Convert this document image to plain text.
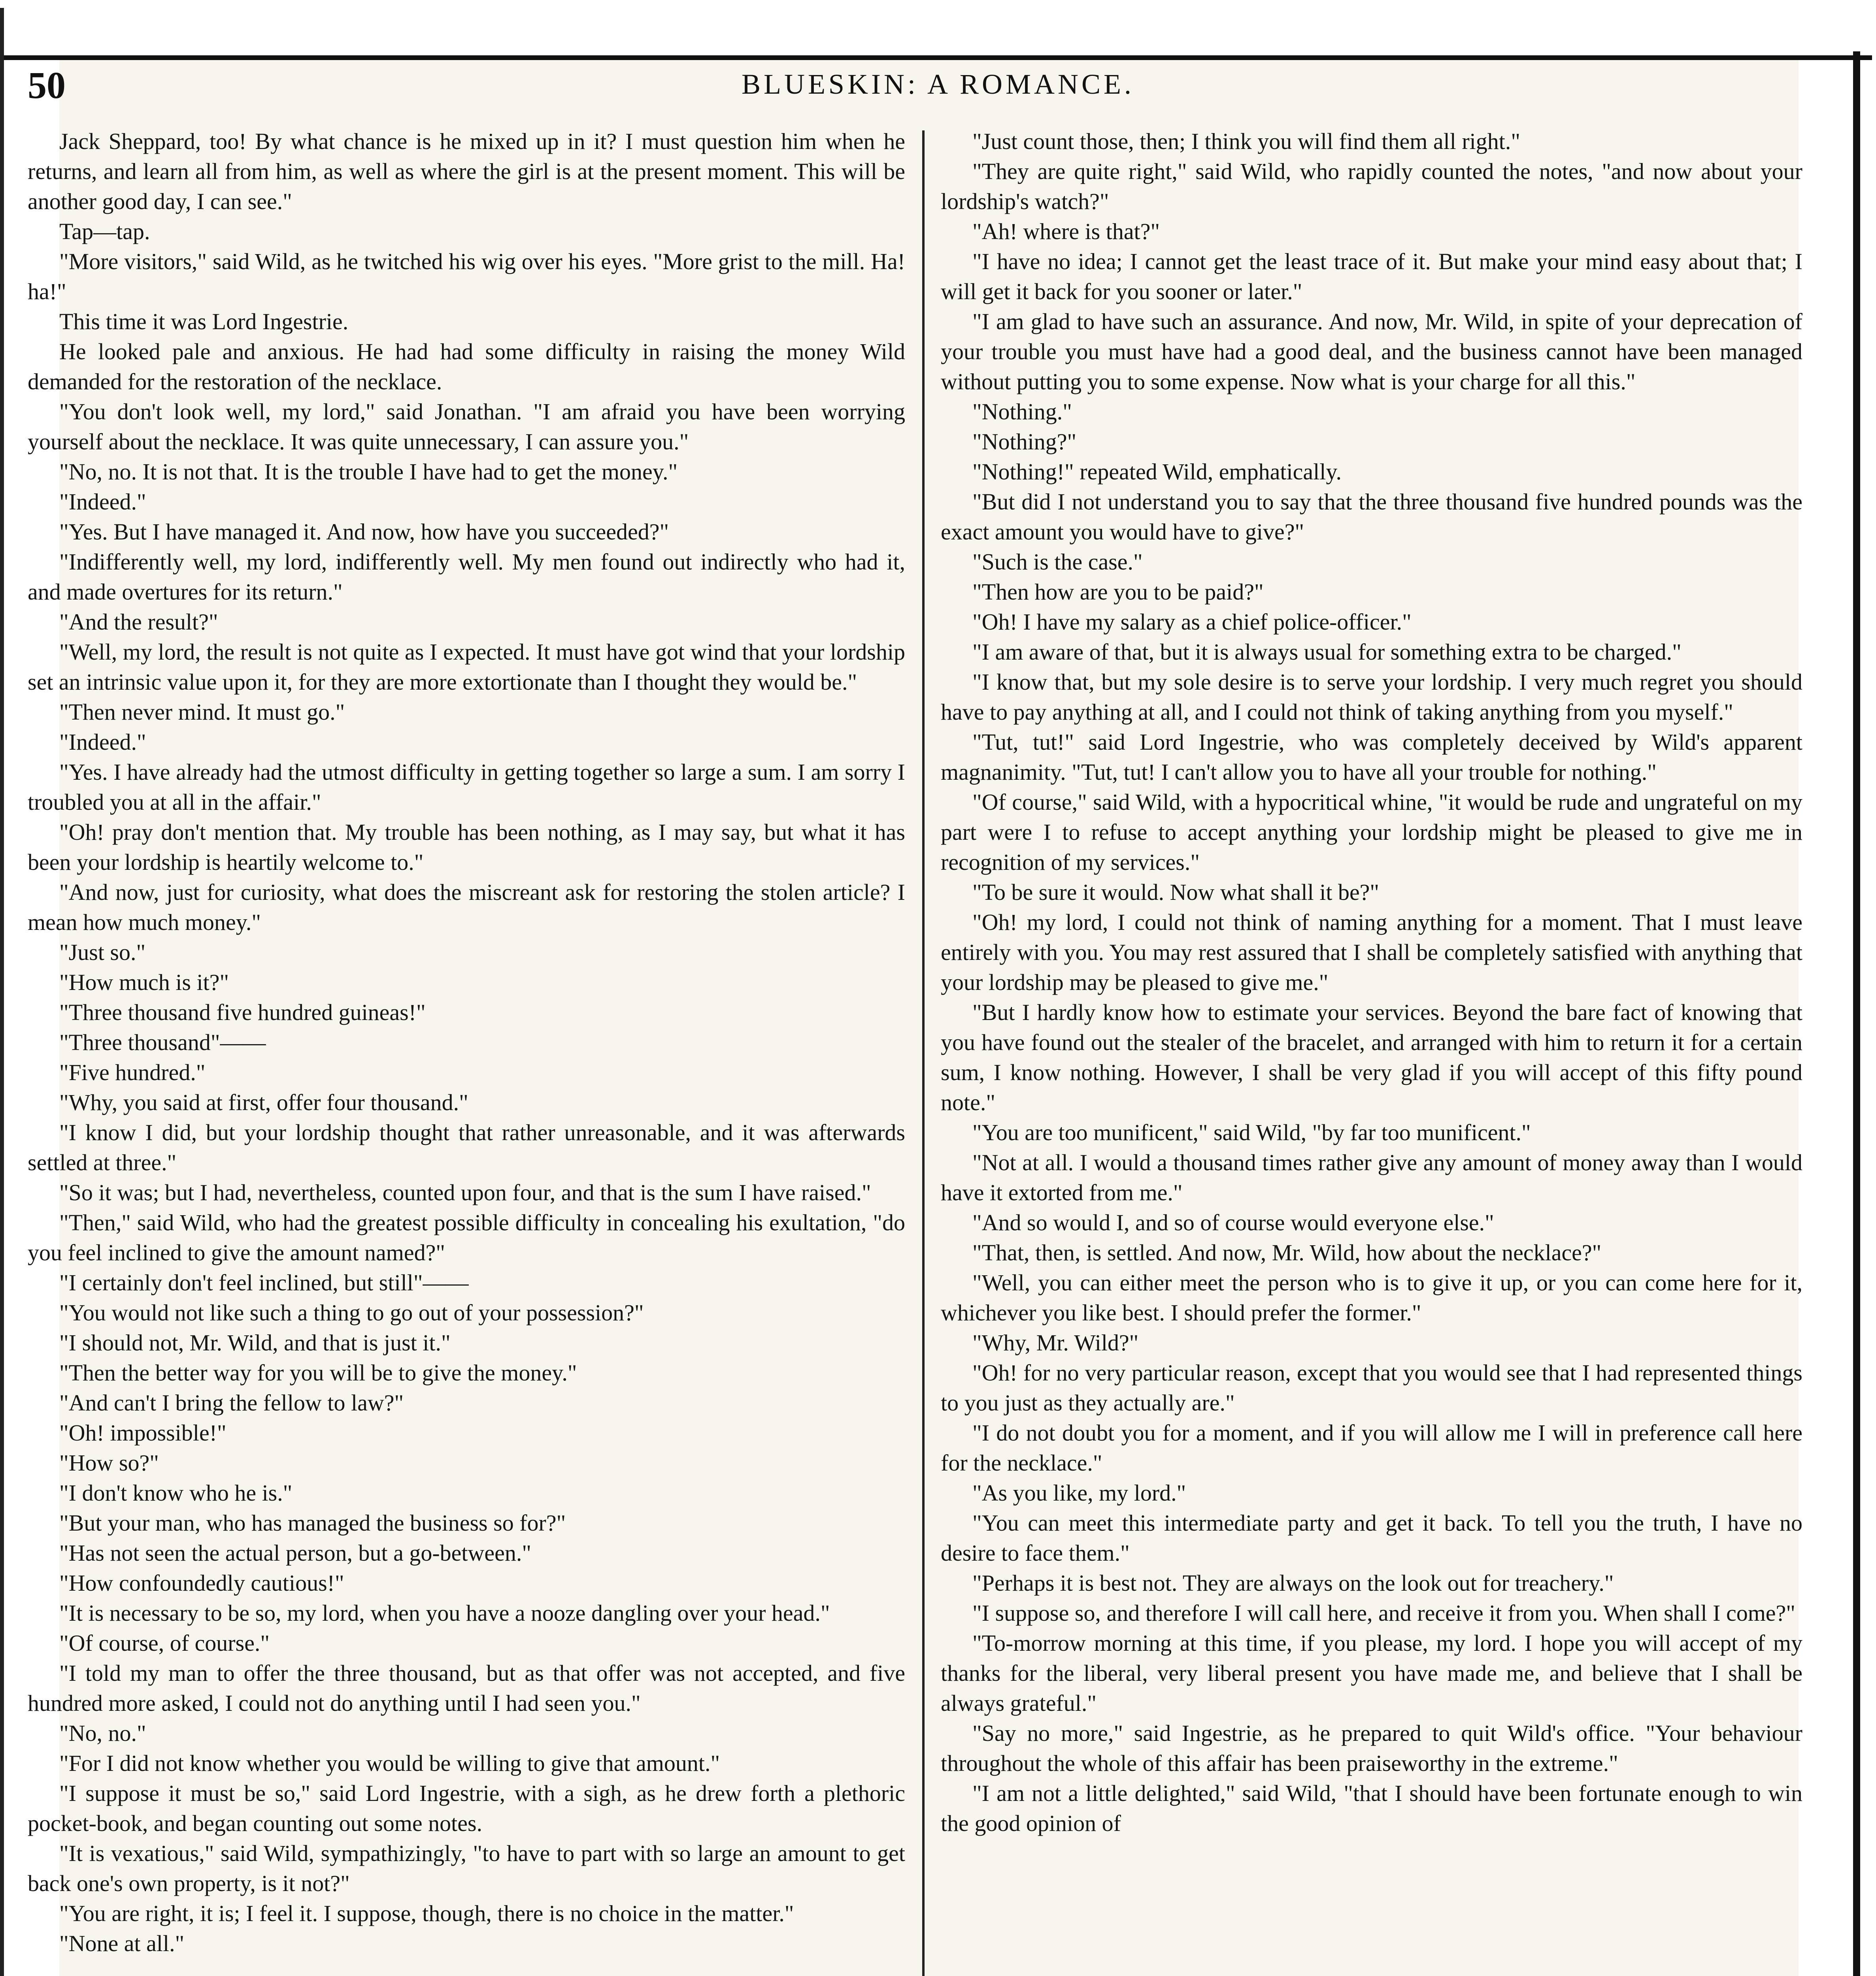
50	BLUESKIN: A ROMANCE.

Jack Sheppard, too! By what chance is he mixed up in it? I must question him when he returns, and learn all from him, as well as where the girl is at the present moment. This will be another good day, I can see."

Tap—tap.

"More visitors," said Wild, as he twitched his wig over his eyes. "More grist to the mill. Ha! ha!"

This time it was Lord Ingestrie.

He looked pale and anxious. He had had some difficulty in raising the money Wild demanded for the restoration of the necklace.

"You don't look well, my lord," said Jonathan. "I am afraid you have been worrying yourself about the necklace. It was quite unnecessary, I can assure you."

"No, no. It is not that. It is the trouble I have had to get the money."

"Indeed."

"Yes. But I have managed it. And now, how have you succeeded?"

"Indifferently well, my lord, indifferently well. My men found out indirectly who had it, and made overtures for its return."

"And the result?"

"Well, my lord, the result is not quite as I expected. It must have got wind that your lordship set an intrinsic value upon it, for they are more extortionate than I thought they would be."

"Then never mind. It must go."

"Indeed."

"Yes. I have already had the utmost difficulty in getting together so large a sum. I am sorry I troubled you at all in the affair."

"Oh! pray don't mention that. My trouble has been nothing, as I may say, but what it has been your lordship is heartily welcome to."

"And now, just for curiosity, what does the miscreant ask for restoring the stolen article? I mean how much money."

"Just so."

"How much is it?"

"Three thousand five hundred guineas!"

"Three thousand"——

"Five hundred."

"Why, you said at first, offer four thousand."

"I know I did, but your lordship thought that rather unreasonable, and it was afterwards settled at three."

"So it was; but I had, nevertheless, counted upon four, and that is the sum I have raised."

"Then," said Wild, who had the greatest possible difficulty in concealing his exultation, "do you feel inclined to give the amount named?"

"I certainly don't feel inclined, but still"——

"You would not like such a thing to go out of your possession?"

"I should not, Mr. Wild, and that is just it."

"Then the better way for you will be to give the money."

"And can't I bring the fellow to law?"

"Oh! impossible!"

"How so?"

"I don't know who he is."

"But your man, who has managed the business so for?"

"Has not seen the actual person, but a go-between."

"How confoundedly cautious!"

"It is necessary to be so, my lord, when you have a nooze dangling over your head."

"Of course, of course."

"I told my man to offer the three thousand, but as that offer was not accepted, and five hundred more asked, I could not do anything until I had seen you."

"No, no."

"For I did not know whether you would be willing to give that amount."

"I suppose it must be so," said Lord Ingestrie, with a sigh, as he drew forth a plethoric pocket-book, and began counting out some notes.

"It is vexatious," said Wild, sympathizingly, "to have to part with so large an amount to get back one's own property, is it not?"

"You are right, it is; I feel it. I suppose, though, there is no choice in the matter."

"None at all."

"Just count those, then; I think you will find them all right."

"They are quite right," said Wild, who rapidly counted the notes, "and now about your lordship's watch?"

"Ah! where is that?"

"I have no idea; I cannot get the least trace of it. But make your mind easy about that; I will get it back for you sooner or later."

"I am glad to have such an assurance. And now, Mr. Wild, in spite of your deprecation of your trouble you must have had a good deal, and the business cannot have been managed without putting you to some expense. Now what is your charge for all this."

"Nothing."

"Nothing?"

"Nothing!" repeated Wild, emphatically.

"But did I not understand you to say that the three thousand five hundred pounds was the exact amount you would have to give?"

"Such is the case."

"Then how are you to be paid?"

"Oh! I have my salary as a chief police-officer."

"I am aware of that, but it is always usual for something extra to be charged."

"I know that, but my sole desire is to serve your lordship. I very much regret you should have to pay anything at all, and I could not think of taking anything from you myself."

"Tut, tut!" said Lord Ingestrie, who was completely deceived by Wild's apparent magnanimity. "Tut, tut! I can't allow you to have all your trouble for nothing."

"Of course," said Wild, with a hypocritical whine, "it would be rude and ungrateful on my part were I to refuse to accept anything your lordship might be pleased to give me in recognition of my services."

"To be sure it would. Now what shall it be?"

"Oh! my lord, I could not think of naming anything for a moment. That I must leave entirely with you. You may rest assured that I shall be completely satisfied with anything that your lordship may be pleased to give me."

"But I hardly know how to estimate your services. Beyond the bare fact of knowing that you have found out the stealer of the bracelet, and arranged with him to return it for a certain sum, I know nothing. However, I shall be very glad if you will accept of this fifty pound note."

"You are too munificent," said Wild, "by far too munificent."

"Not at all. I would a thousand times rather give any amount of money away than I would have it extorted from me."

"And so would I, and so of course would everyone else."

"That, then, is settled. And now, Mr. Wild, how about the necklace?"

"Well, you can either meet the person who is to give it up, or you can come here for it, whichever you like best. I should prefer the former."

"Why, Mr. Wild?"

"Oh! for no very particular reason, except that you would see that I had represented things to you just as they actually are."

"I do not doubt you for a moment, and if you will allow me I will in preference call here for the necklace."

"As you like, my lord."

"You can meet this intermediate party and get it back. To tell you the truth, I have no desire to face them."

"Perhaps it is best not. They are always on the look out for treachery."

"I suppose so, and therefore I will call here, and receive it from you. When shall I come?"

"To-morrow morning at this time, if you please, my lord. I hope you will accept of my thanks for the liberal, very liberal present you have made me, and believe that I shall be always grateful."

"Say no more," said Ingestrie, as he prepared to quit Wild's office. "Your behaviour throughout the whole of this affair has been praiseworthy in the extreme."

"I am not a little delighted," said Wild, "that I should have been fortunate enough to win the good opinion of
